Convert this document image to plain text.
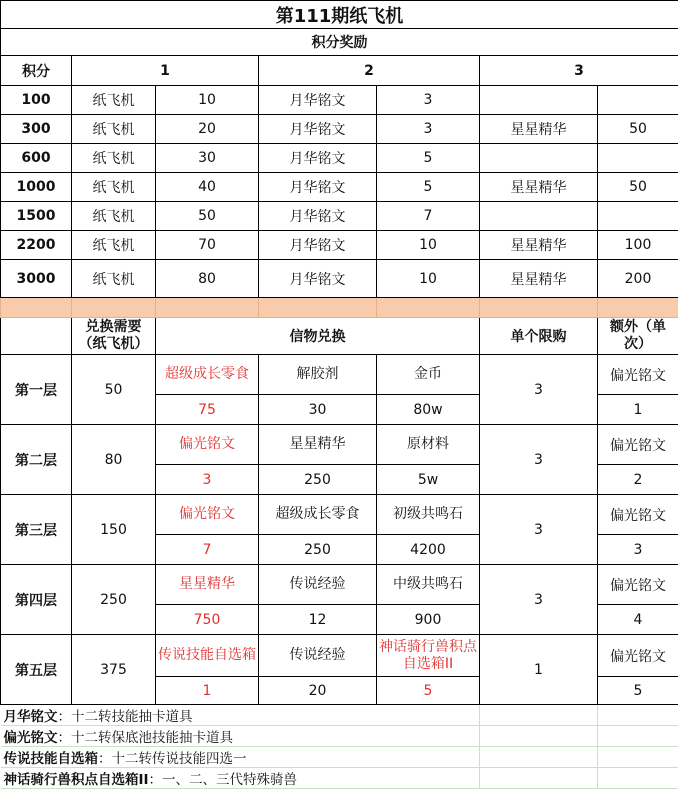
第111期纸飞机						
积分奖励						
积分	1		2		3	
100	纸飞机	10	月华铭文	3		
300	纸飞机	20	月华铭文	3	星星精华	50
600	纸飞机	30	月华铭文	5		
1000	纸飞机	40	月华铭文	5	星星精华	50
1500	纸飞机	50	月华铭文	7		
2200	纸飞机	70	月华铭文	10	星星精华	100
3000	纸飞机	80	月华铭文	10	星星精华	200

	兑换需要（纸飞机）	信物兑换			单个限购	额外（单次）
第一层	50	超级成长零食	解胶剂	金币	3	偏光铭文
		75	30	80w		1
第二层	80	偏光铭文	星星精华	原材料	3	偏光铭文
		3	250	5w		2
第三层	150	偏光铭文	超级成长零食	初级共鸣石	3	偏光铭文
		7	250	4200		3
第四层	250	星星精华	传说经验	中级共鸣石	3	偏光铭文
		750	12	900		4
第五层	375	传说技能自选箱	传说经验	神话骑行兽积点自选箱II	1	偏光铭文
		1	20	5		5
月华铭文：十二转技能抽卡道具						
偏光铭文：十二转保底池技能抽卡道具						
传说技能自选箱：十二转传说技能四选一						
神话骑行兽积点自选箱II：一、二、三代特殊骑兽						
